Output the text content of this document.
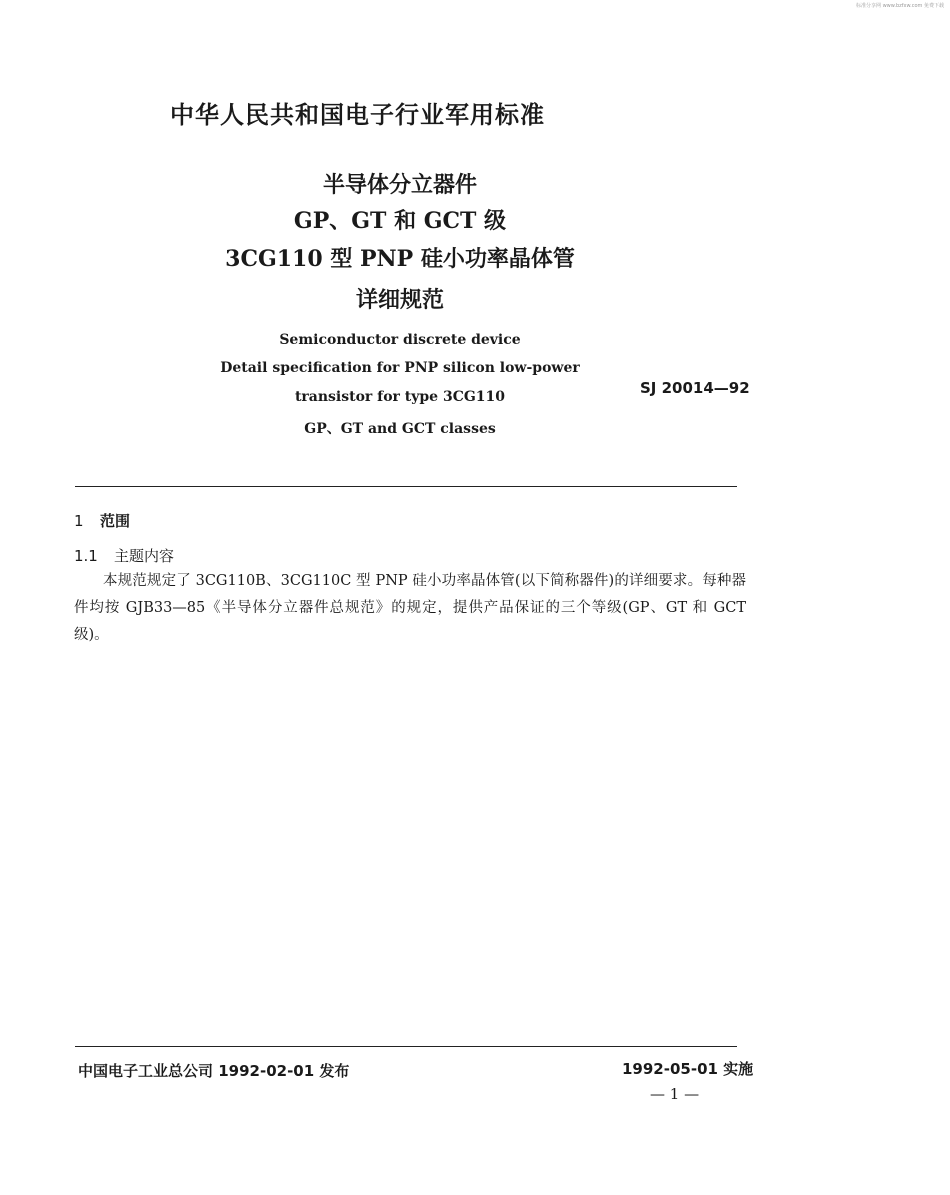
标准分享网 www.bzfxw.com 免费下载
中华人民共和国电子行业军用标准
半导体分立器件
GP、GT 和 GCT 级
3CG110 型 PNP 硅小功率晶体管
详细规范
Semiconductor discrete device
Detail specification for PNP silicon low-power
transistor for type 3CG110
GP、GT and GCT classes
SJ 20014—92
1 范围
1.1 主题内容
本规范规定了 3CG110B、3CG110C 型 PNP 硅小功率晶体管(以下简称器件)的详细要求。每种器件均按 GJB33—85《半导体分立器件总规范》的规定，提供产品保证的三个等级(GP、GT 和 GCT 级)。
中国电子工业总公司 1992-02-01 发布	1992-05-01 实施
— 1 —
